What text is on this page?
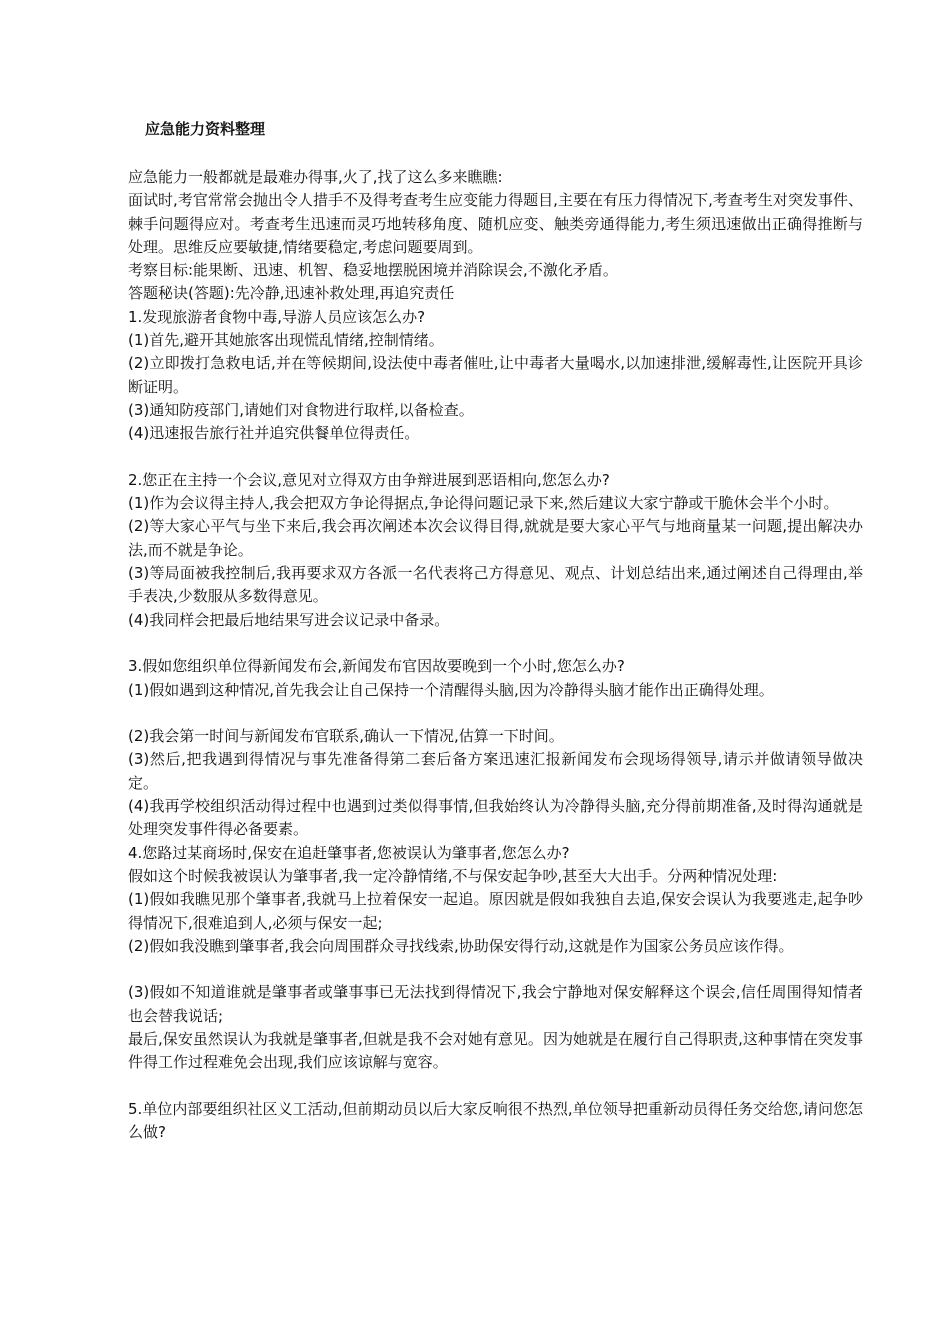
应急能力资料整理

应急能力一般都就是最难办得事,火了,找了这么多来瞧瞧:

面试时,考官常常会抛出令人措手不及得考查考生应变能力得题目,主要在有压力得情况下,考查考生对突发事件、棘手问题得应对。考查考生迅速而灵巧地转移角度、随机应变、触类旁通得能力,考生须迅速做出正确得推断与处理。思维反应要敏捷,情绪要稳定,考虑问题要周到。

考察目标:能果断、迅速、机智、稳妥地摆脱困境并消除误会,不激化矛盾。

答题秘诀(答题):先冷静,迅速补救处理,再追究责任

1.发现旅游者食物中毒,导游人员应该怎么办?

(1)首先,避开其她旅客出现慌乱情绪,控制情绪。

(2)立即拨打急救电话,并在等候期间,设法使中毒者催吐,让中毒者大量喝水,以加速排泄,缓解毒性,让医院开具诊断证明。

(3)通知防疫部门,请她们对食物进行取样,以备检查。

(4)迅速报告旅行社并追究供餐单位得责任。

2.您正在主持一个会议,意见对立得双方由争辩进展到恶语相向,您怎么办?

(1)作为会议得主持人,我会把双方争论得据点,争论得问题记录下来,然后建议大家宁静或干脆休会半个小时。

(2)等大家心平气与坐下来后,我会再次阐述本次会议得目得,就就是要大家心平气与地商量某一问题,提出解决办法,而不就是争论。

(3)等局面被我控制后,我再要求双方各派一名代表将己方得意见、观点、计划总结出来,通过阐述自己得理由,举手表决,少数服从多数得意见。

(4)我同样会把最后地结果写进会议记录中备录。

3.假如您组织单位得新闻发布会,新闻发布官因故要晚到一个小时,您怎么办?

(1)假如遇到这种情况,首先我会让自己保持一个清醒得头脑,因为冷静得头脑才能作出正确得处理。

(2)我会第一时间与新闻发布官联系,确认一下情况,估算一下时间。

(3)然后,把我遇到得情况与事先准备得第二套后备方案迅速汇报新闻发布会现场得领导,请示并做请领导做决定。

(4)我再学校组织活动得过程中也遇到过类似得事情,但我始终认为冷静得头脑,充分得前期准备,及时得沟通就是处理突发事件得必备要素。

4.您路过某商场时,保安在追赶肇事者,您被误认为肇事者,您怎么办?

假如这个时候我被误认为肇事者,我一定冷静情绪,不与保安起争吵,甚至大大出手。分两种情况处理:

(1)假如我瞧见那个肇事者,我就马上拉着保安一起追。原因就是假如我独自去追,保安会误认为我要逃走,起争吵得情况下,很难追到人,必须与保安一起;

(2)假如我没瞧到肇事者,我会向周围群众寻找线索,协助保安得行动,这就是作为国家公务员应该作得。

(3)假如不知道谁就是肇事者或肇事事已无法找到得情况下,我会宁静地对保安解释这个误会,信任周围得知情者也会替我说话;

最后,保安虽然误认为我就是肇事者,但就是我不会对她有意见。因为她就是在履行自己得职责,这种事情在突发事件得工作过程难免会出现,我们应该谅解与宽容。

5.单位内部要组织社区义工活动,但前期动员以后大家反响很不热烈,单位领导把重新动员得任务交给您,请问您怎么做?
